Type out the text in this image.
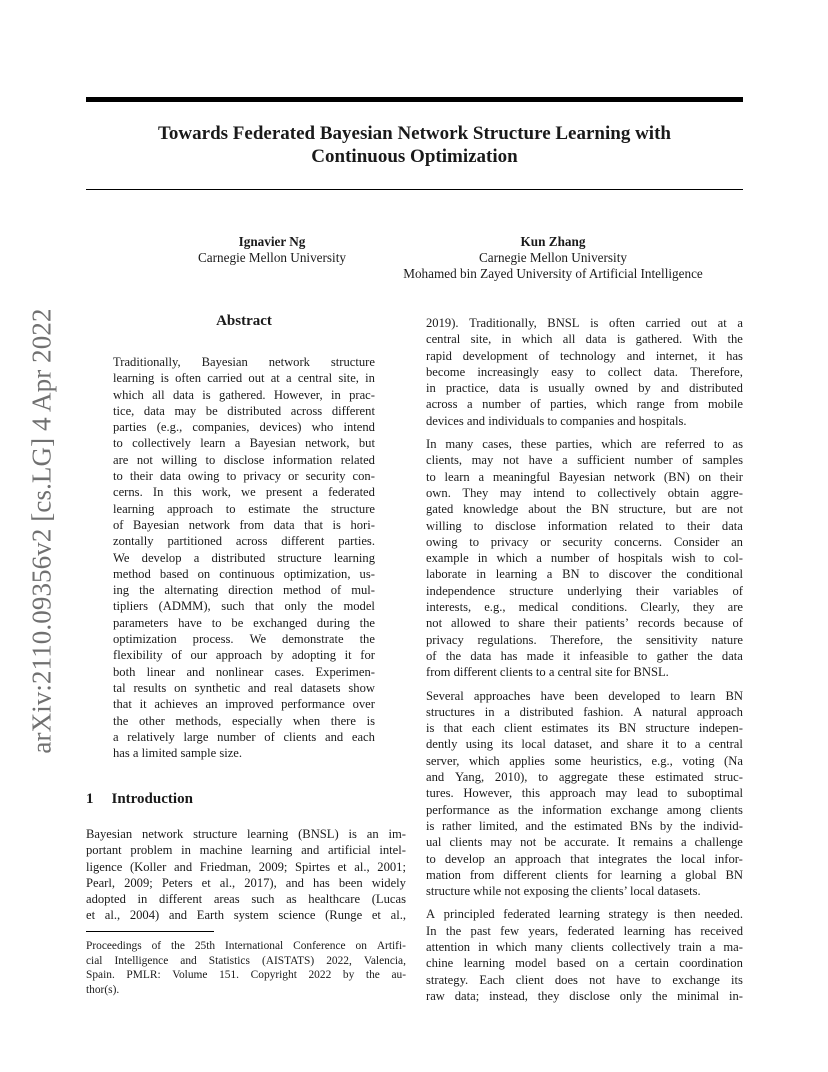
Towards Federated Bayesian Network Structure Learning with
Continuous Optimization
Ignavier Ng
Carnegie Mellon University
Kun Zhang
Carnegie Mellon University
Mohamed bin Zayed University of Artificial Intelligence
arXiv:2110.09356v2 [cs.LG] 4 Apr 2022	Abstract
Traditionally, Bayesian network structure
learning is often carried out at a central site, in
which all data is gathered. However, in prac-
tice, data may be distributed across different
parties (e.g., companies, devices) who intend
to collectively learn a Bayesian network, but
are not willing to disclose information related
to their data owing to privacy or security con-
cerns. In this work, we present a federated
learning approach to estimate the structure
of Bayesian network from data that is hori-
zontally partitioned across different parties.
We develop a distributed structure learning
method based on continuous optimization, us-
ing the alternating direction method of mul-
tipliers (ADMM), such that only the model
parameters have to be exchanged during the
optimization process. We demonstrate the
flexibility of our approach by adopting it for
both linear and nonlinear cases. Experimen-
tal results on synthetic and real datasets show
that it achieves an improved performance over
the other methods, especially when there is
a relatively large number of clients and each
has a limited sample size.
1 Introduction
Bayesian network structure learning (BNSL) is an im-
portant problem in machine learning and artificial intel-
ligence (Koller and Friedman, 2009; Spirtes et al., 2001;
Pearl, 2009; Peters et al., 2017), and has been widely
adopted in different areas such as healthcare (Lucas
et al., 2004) and Earth system science (Runge et al.,
Proceedings of the 25th International Conference on Artifi-
cial Intelligence and Statistics (AISTATS) 2022, Valencia,
Spain. PMLR: Volume 151. Copyright 2022 by the au-
thor(s).
2019). Traditionally, BNSL is often carried out at a
central site, in which all data is gathered. With the
rapid development of technology and internet, it has
become increasingly easy to collect data. Therefore,
in practice, data is usually owned by and distributed
across a number of parties, which range from mobile
devices and individuals to companies and hospitals.
In many cases, these parties, which are referred to as
clients, may not have a sufficient number of samples
to learn a meaningful Bayesian network (BN) on their
own. They may intend to collectively obtain aggre-
gated knowledge about the BN structure, but are not
willing to disclose information related to their data
owing to privacy or security concerns. Consider an
example in which a number of hospitals wish to col-
laborate in learning a BN to discover the conditional
independence structure underlying their variables of
interests, e.g., medical conditions. Clearly, they are
not allowed to share their patients’ records because of
privacy regulations. Therefore, the sensitivity nature
of the data has made it infeasible to gather the data
from different clients to a central site for BNSL.
Several approaches have been developed to learn BN
structures in a distributed fashion. A natural approach
is that each client estimates its BN structure indepen-
dently using its local dataset, and share it to a central
server, which applies some heuristics, e.g., voting (Na
and Yang, 2010), to aggregate these estimated struc-
tures. However, this approach may lead to suboptimal
performance as the information exchange among clients
is rather limited, and the estimated BNs by the individ-
ual clients may not be accurate. It remains a challenge
to develop an approach that integrates the local infor-
mation from different clients for learning a global BN
structure while not exposing the clients’ local datasets.
A principled federated learning strategy is then needed.
In the past few years, federated learning has received
attention in which many clients collectively train a ma-
chine learning model based on a certain coordination
strategy. Each client does not have to exchange its
raw data; instead, they disclose only the minimal in-
